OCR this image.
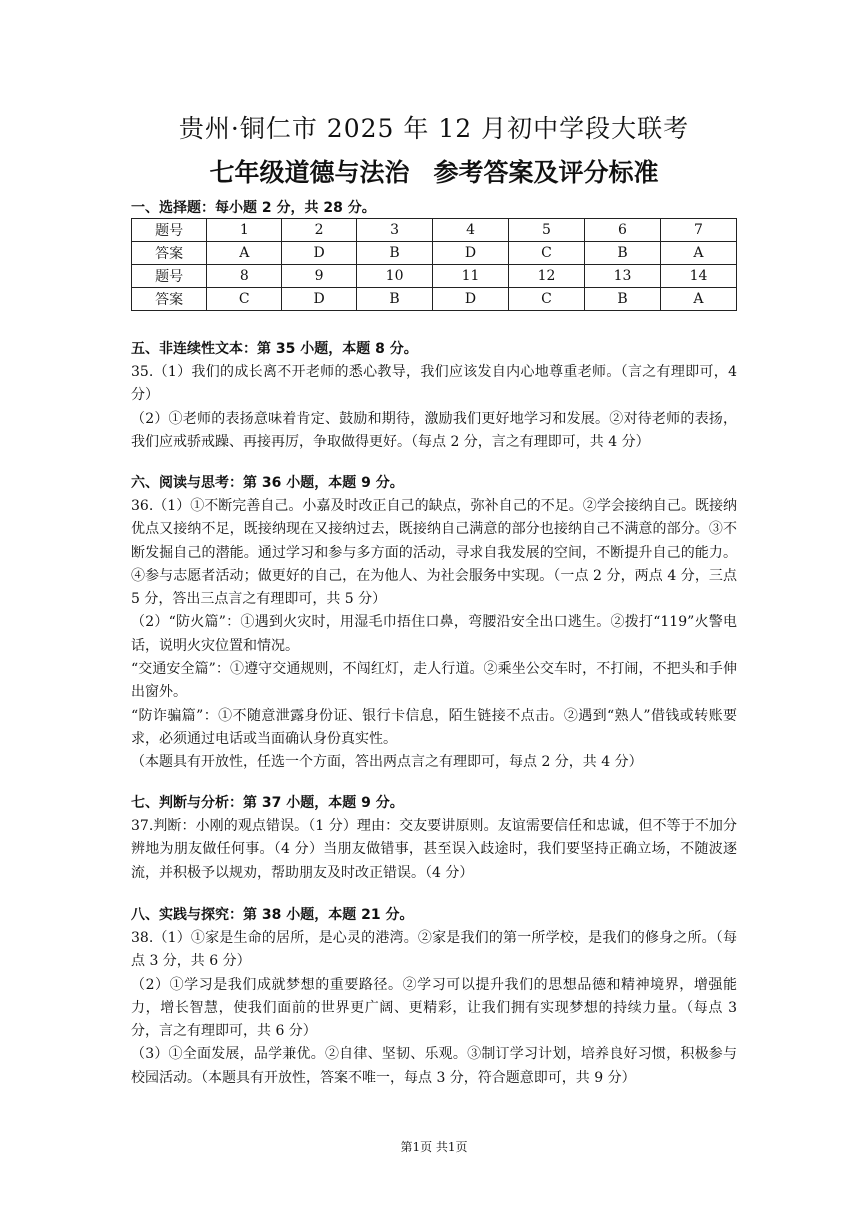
贵州·铜仁市 2025 年 12 月初中学段大联考
七年级道德与法治 参考答案及评分标准
一、选择题：每小题 2 分，共 28 分。
题号	1	2	3	4	5	6	7
答案	A	D	B	D	C	B	A
题号	8	9	10	11	12	13	14
答案	C	D	B	D	C	B	A
五、非连续性文本：第 35 小题，本题 8 分。

35.（1）我们的成长离不开老师的悉心教导，我们应该发自内心地尊重老师。（言之有理即可，4 分）

（2）①老师的表扬意味着肯定、鼓励和期待，激励我们更好地学习和发展。②对待老师的表扬，我们应戒骄戒躁、再接再厉，争取做得更好。（每点 2 分，言之有理即可，共 4 分）

六、阅读与思考：第 36 小题，本题 9 分。

36.（1）①不断完善自己。小嘉及时改正自己的缺点，弥补自己的不足。②学会接纳自己。既接纳优点又接纳不足，既接纳现在又接纳过去，既接纳自己满意的部分也接纳自己不满意的部分。③不断发掘自己的潜能。通过学习和参与多方面的活动，寻求自我发展的空间，不断提升自己的能力。④参与志愿者活动；做更好的自己，在为他人、为社会服务中实现。（一点 2 分，两点 4 分，三点 5 分，答出三点言之有理即可，共 5 分）

（2）“防火篇”：①遇到火灾时，用湿毛巾捂住口鼻，弯腰沿安全出口逃生。②拨打“119”火警电话，说明火灾位置和情况。

“交通安全篇”：①遵守交通规则，不闯红灯，走人行道。②乘坐公交车时，不打闹，不把头和手伸出窗外。

“防诈骗篇”：①不随意泄露身份证、银行卡信息，陌生链接不点击。②遇到“熟人”借钱或转账要求，必须通过电话或当面确认身份真实性。

（本题具有开放性，任选一个方面，答出两点言之有理即可，每点 2 分，共 4 分）

七、判断与分析：第 37 小题，本题 9 分。

37.判断：小刚的观点错误。（1 分）理由：交友要讲原则。友谊需要信任和忠诚，但不等于不加分辨地为朋友做任何事。（4 分）当朋友做错事，甚至误入歧途时，我们要坚持正确立场，不随波逐流，并积极予以规劝，帮助朋友及时改正错误。（4 分）

八、实践与探究：第 38 小题，本题 21 分。

38.（1）①家是生命的居所，是心灵的港湾。②家是我们的第一所学校，是我们的修身之所。（每点 3 分，共 6 分）

（2）①学习是我们成就梦想的重要路径。②学习可以提升我们的思想品德和精神境界，增强能力，增长智慧，使我们面前的世界更广阔、更精彩，让我们拥有实现梦想的持续力量。（每点 3 分，言之有理即可，共 6 分）

（3）①全面发展，品学兼优。②自律、坚韧、乐观。③制订学习计划，培养良好习惯，积极参与校园活动。（本题具有开放性，答案不唯一，每点 3 分，符合题意即可，共 9 分）

第1页 共1页
